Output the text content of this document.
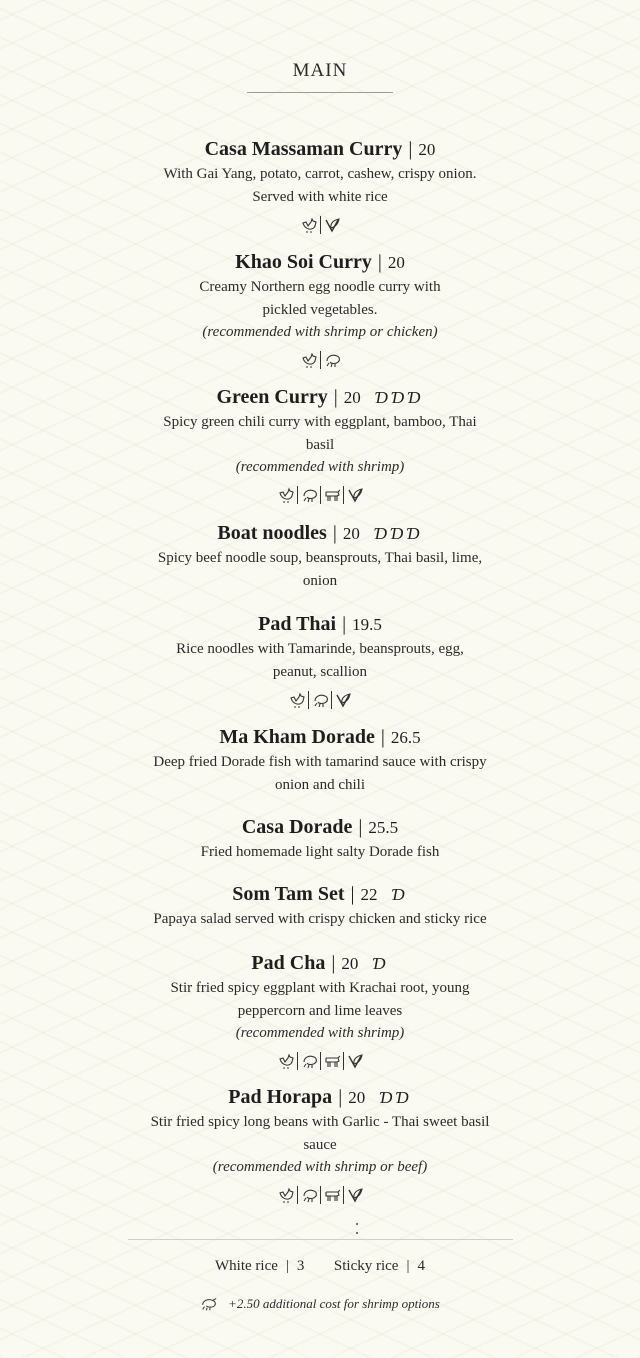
MAIN
Casa Massaman Curry | 20
With Gai Yang, potato, carrot, cashew, crispy onion.
Served with white rice
Khao Soi Curry | 20
Creamy Northern egg noodle curry with
pickled vegetables.
(recommended with shrimp or chicken)
Green Curry | 20 ƊƊƊ
Spicy green chili curry with eggplant, bamboo, Thai
basil
(recommended with shrimp)
Boat noodles | 20 ƊƊƊ
Spicy beef noodle soup, beansprouts, Thai basil, lime,
onion
Pad Thai | 19.5
Rice noodles with Tamarinde, beansprouts, egg,
peanut, scallion
Ma Kham Dorade | 26.5
Deep fried Dorade fish with tamarind sauce with crispy
onion and chili
Casa Dorade | 25.5
Fried homemade light salty Dorade fish
Som Tam Set | 22 Ɗ
Papaya salad served with crispy chicken and sticky rice
Pad Cha | 20 Ɗ
Stir fried spicy eggplant with Krachai root, young
peppercorn and lime leaves
(recommended with shrimp)
Pad Horapa | 20 ƊƊ
Stir fried spicy long beans with Garlic - Thai sweet basil
sauce
(recommended with shrimp or beef)
White rice | 3 Sticky rice | 4
+2.50 additional cost for shrimp options
